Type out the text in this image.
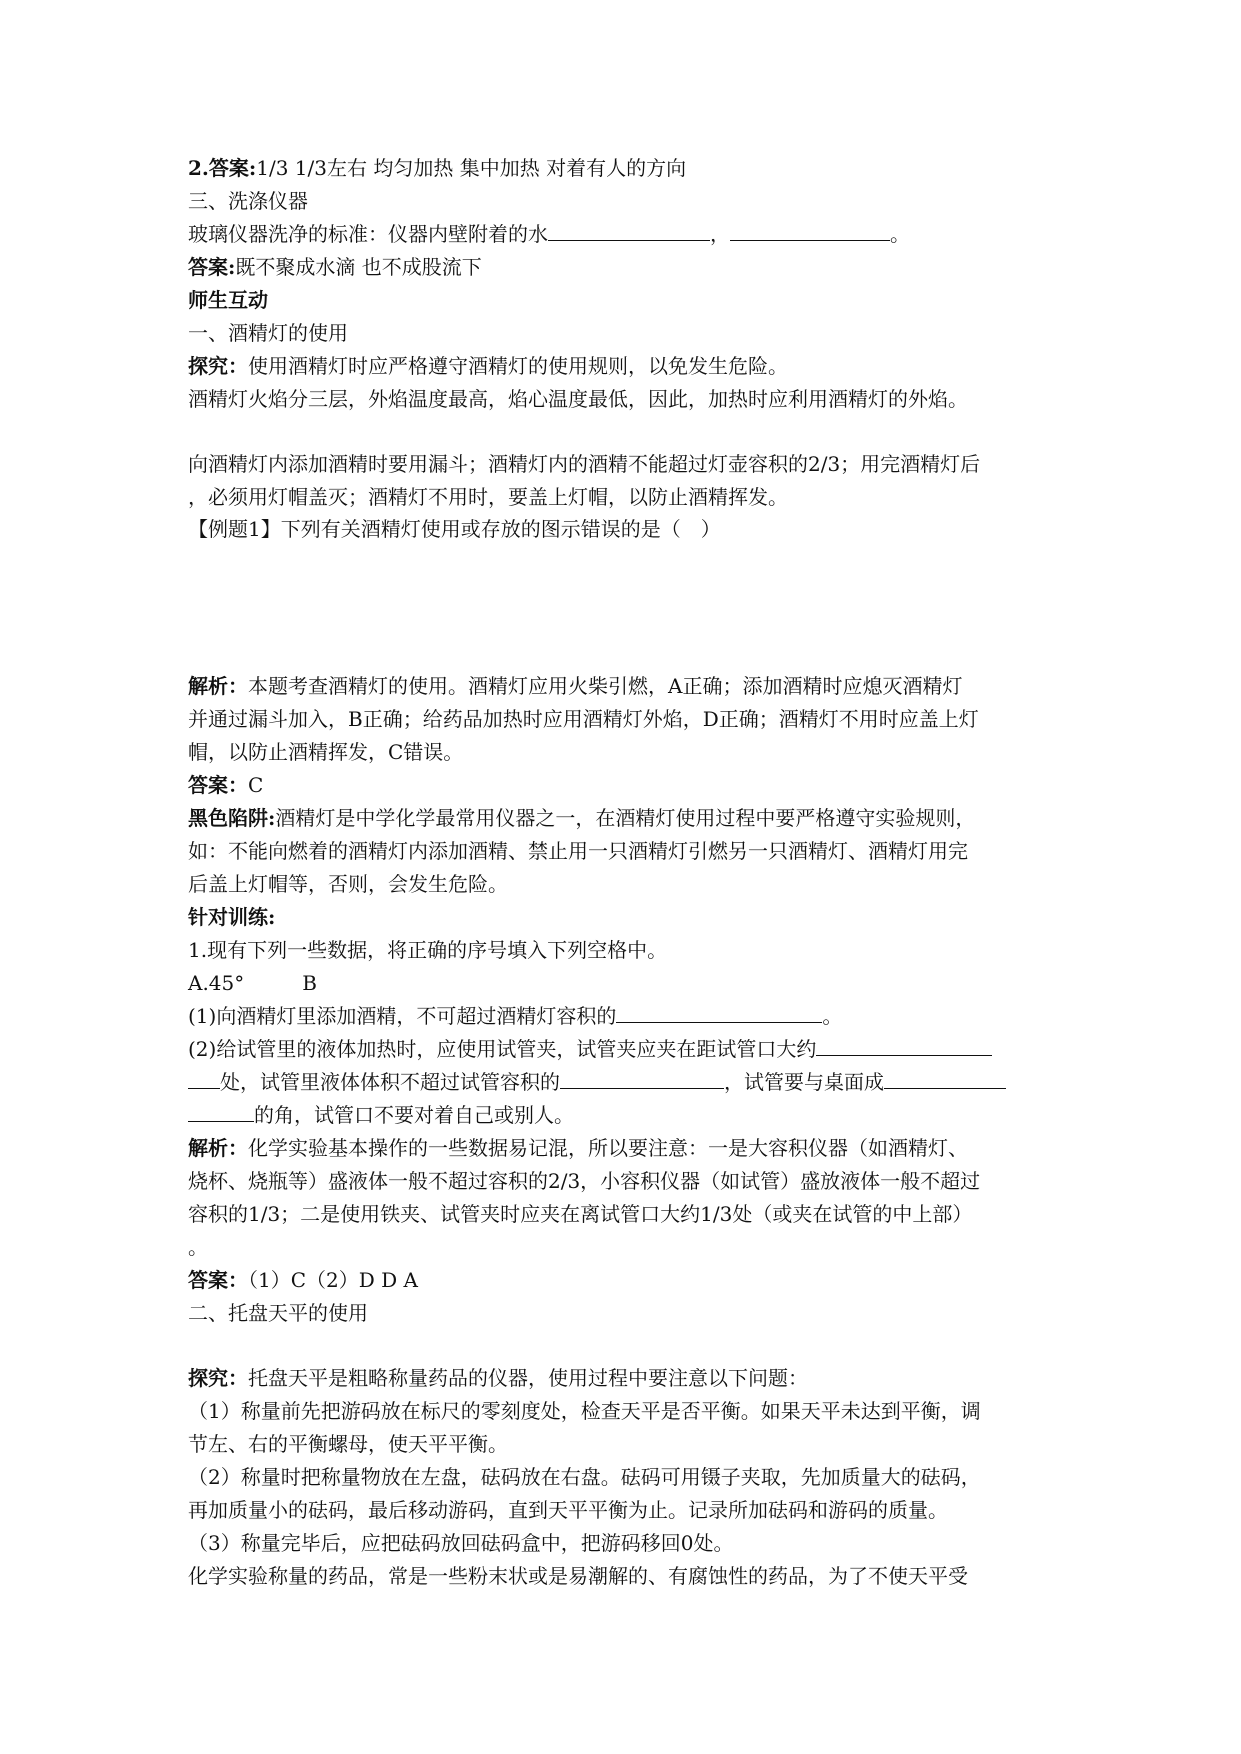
2.答案:1/3 1/3左右 均匀加热 集中加热 对着有人的方向
三、洗涤仪器
玻璃仪器洗净的标准：仪器内壁附着的水	，	。
答案:既不聚成水滴 也不成股流下
师生互动
一、酒精灯的使用
探究：使用酒精灯时应严格遵守酒精灯的使用规则，以免发生危险。
酒精灯火焰分三层，外焰温度最高，焰心温度最低，因此，加热时应利用酒精灯的外焰。
向酒精灯内添加酒精时要用漏斗；酒精灯内的酒精不能超过灯壶容积的2/3；用完酒精灯后
，必须用灯帽盖灭；酒精灯不用时，要盖上灯帽，以防止酒精挥发。
【例题1】下列有关酒精灯使用或存放的图示错误的是（　）
解析：本题考查酒精灯的使用。酒精灯应用火柴引燃，A正确；添加酒精时应熄灭酒精灯
并通过漏斗加入，B正确；给药品加热时应用酒精灯外焰，D正确；酒精灯不用时应盖上灯
帽，以防止酒精挥发，C错误。
答案：C
黑色陷阱:酒精灯是中学化学最常用仪器之一，在酒精灯使用过程中要严格遵守实验规则，
如：不能向燃着的酒精灯内添加酒精、禁止用一只酒精灯引燃另一只酒精灯、酒精灯用完
后盖上灯帽等，否则，会发生危险。
针对训练:
1.现有下列一些数据，将正确的序号填入下列空格中。
A.45°	B
(1)向酒精灯里添加酒精，不可超过酒精灯容积的	。
(2)给试管里的液体加热时，应使用试管夹，试管夹应夹在距试管口大约
处，试管里液体体积不超过试管容积的	，试管要与桌面成
的角，试管口不要对着自己或别人。
解析：化学实验基本操作的一些数据易记混，所以要注意：一是大容积仪器（如酒精灯、
烧杯、烧瓶等）盛液体一般不超过容积的2/3，小容积仪器（如试管）盛放液体一般不超过
容积的1/3；二是使用铁夹、试管夹时应夹在离试管口大约1/3处（或夹在试管的中上部）
。
答案：（1）C（2）D D A
二、托盘天平的使用
探究：托盘天平是粗略称量药品的仪器，使用过程中要注意以下问题：
（1）称量前先把游码放在标尺的零刻度处，检查天平是否平衡。如果天平未达到平衡，调
节左、右的平衡螺母，使天平平衡。
（2）称量时把称量物放在左盘，砝码放在右盘。砝码可用镊子夹取，先加质量大的砝码，
再加质量小的砝码，最后移动游码，直到天平平衡为止。记录所加砝码和游码的质量。
（3）称量完毕后，应把砝码放回砝码盒中，把游码移回0处。
化学实验称量的药品，常是一些粉末状或是易潮解的、有腐蚀性的药品，为了不使天平受
